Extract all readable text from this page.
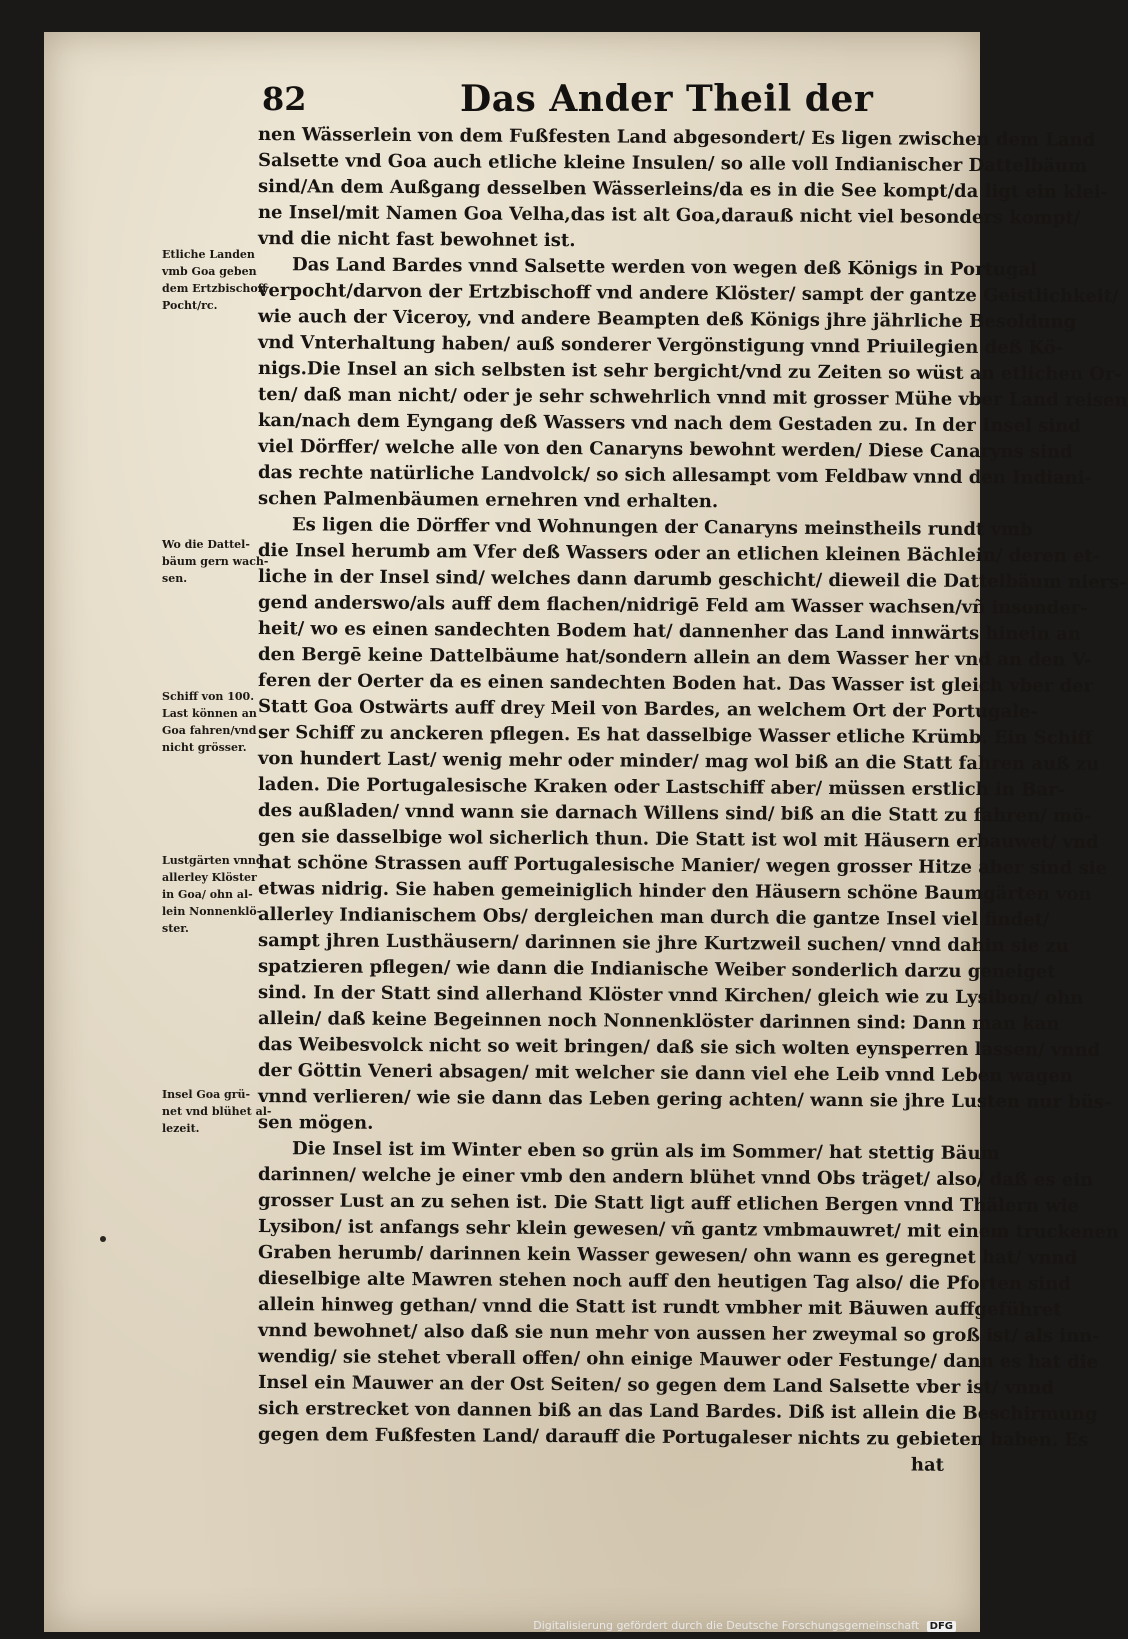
82	Das Ander Theil der
nen Wässerlein von dem Fußfesten Land abgesondert/ Es ligen zwischen dem Land
Salsette vnd Goa auch etliche kleine Insulen/ so alle voll Indianischer Dattelbäum
sind/An dem Außgang desselben Wässerleins/da es in die See kompt/da ligt ein klei-
ne Insel/mit Namen Goa Velha,das ist alt Goa,darauß nicht viel besonders kompt/
vnd die nicht fast bewohnet ist.
Das Land Bardes vnnd Salsette werden von wegen deß Königs in Portugal
verpocht/darvon der Ertzbischoff vnd andere Klöster/ sampt der gantze Geistlichkeit/
wie auch der Viceroy, vnd andere Beampten deß Königs jhre jährliche Besoldung
vnd Vnterhaltung haben/ auß sonderer Vergönstigung vnnd Priuilegien deß Kö-
nigs.Die Insel an sich selbsten ist sehr bergicht/vnd zu Zeiten so wüst an etlichen Or-
ten/ daß man nicht/ oder je sehr schwehrlich vnnd mit grosser Mühe vber Land reisen
kan/nach dem Eyngang deß Wassers vnd nach dem Gestaden zu. In der Insel sind
viel Dörffer/ welche alle von den Canaryns bewohnt werden/ Diese Canaryns sind
das rechte natürliche Landvolck/ so sich allesampt vom Feldbaw vnnd den Indiani-
schen Palmenbäumen ernehren vnd erhalten.
Es ligen die Dörffer vnd Wohnungen der Canaryns meinstheils rundt vmb
die Insel herumb am Vfer deß Wassers oder an etlichen kleinen Bächlein/ deren et-
liche in der Insel sind/ welches dann darumb geschicht/ dieweil die Dattelbäum niers-
gend anderswo/als auff dem flachen/nidrigē Feld am Wasser wachsen/vñ insonder-
heit/ wo es einen sandechten Bodem hat/ dannenher das Land innwärts hinein an
den Bergē keine Dattelbäume hat/sondern allein an dem Wasser her vnd an den V-
feren der Oerter da es einen sandechten Boden hat. Das Wasser ist gleich vber der
Statt Goa Ostwärts auff drey Meil von Bardes, an welchem Ort der Portugale-
ser Schiff zu anckeren pflegen. Es hat dasselbige Wasser etliche Krümb. Ein Schiff
von hundert Last/ wenig mehr oder minder/ mag wol biß an die Statt fahren auß zu
laden. Die Portugalesische Kraken oder Lastschiff aber/ müssen erstlich in Bar-
des außladen/ vnnd wann sie darnach Willens sind/ biß an die Statt zu fahren/ mö-
gen sie dasselbige wol sicherlich thun. Die Statt ist wol mit Häusern erbauwet/ vnd
hat schöne Strassen auff Portugalesische Manier/ wegen grosser Hitze aber sind sie
etwas nidrig. Sie haben gemeiniglich hinder den Häusern schöne Baumgärten von
allerley Indianischem Obs/ dergleichen man durch die gantze Insel viel findet/
sampt jhren Lusthäusern/ darinnen sie jhre Kurtzweil suchen/ vnnd dahin sie zu
spatzieren pflegen/ wie dann die Indianische Weiber sonderlich darzu geneiget
sind. In der Statt sind allerhand Klöster vnnd Kirchen/ gleich wie zu Lysibon/ ohn
allein/ daß keine Begeinnen noch Nonnenklöster darinnen sind: Dann man kan
das Weibesvolck nicht so weit bringen/ daß sie sich wolten eynsperren lassen/ vnnd
der Göttin Veneri absagen/ mit welcher sie dann viel ehe Leib vnnd Leben wagen
vnnd verlieren/ wie sie dann das Leben gering achten/ wann sie jhre Lusten nur büs-
sen mögen.
Die Insel ist im Winter eben so grün als im Sommer/ hat stettig Bäum
darinnen/ welche je einer vmb den andern blühet vnnd Obs träget/ also/ daß es ein
grosser Lust an zu sehen ist. Die Statt ligt auff etlichen Bergen vnnd Thälern wie
Lysibon/ ist anfangs sehr klein gewesen/ vñ gantz vmbmauwret/ mit einem truckenen
Graben herumb/ darinnen kein Wasser gewesen/ ohn wann es geregnet hat/ vnnd
dieselbige alte Mawren stehen noch auff den heutigen Tag also/ die Pforten sind
allein hinweg gethan/ vnnd die Statt ist rundt vmbher mit Bäuwen auffgeführet
vnnd bewohnet/ also daß sie nun mehr von aussen her zweymal so groß ist/ als inn-
wendig/ sie stehet vberall offen/ ohn einige Mauwer oder Festunge/ dann es hat die
Insel ein Mauwer an der Ost Seiten/ so gegen dem Land Salsette vber ist/ vnnd
sich erstrecket von dannen biß an das Land Bardes. Diß ist allein die Beschirmung
gegen dem Fußfesten Land/ darauff die Portugaleser nichts zu gebieten haben. Es
hat
Etliche Landen
vmb Goa geben
dem Ertzbischoff
Pocht/rc.
Wo die Dattel-
bäum gern wach-
sen.
Schiff von 100.
Last können an
Goa fahren/vnd
nicht grösser.
Lustgärten vnnd
allerley Klöster
in Goa/ ohn al-
lein Nonnenklö-
ster.
Insel Goa grü-
net vnd blühet al-
lezeit.
Digitalisierung gefördert durch die Deutsche Forschungsgemeinschaft DFG
